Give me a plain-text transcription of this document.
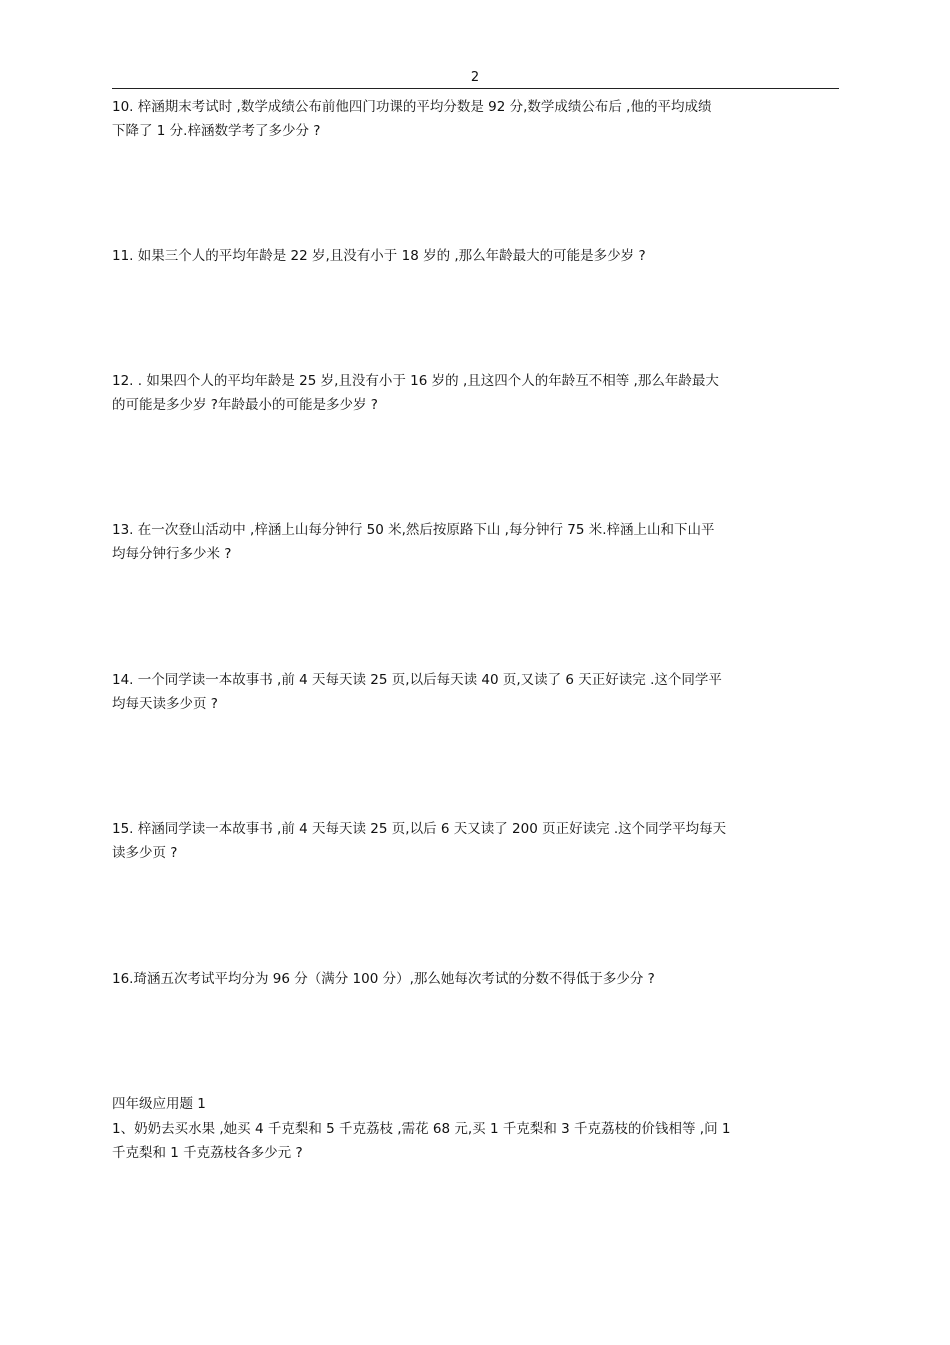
2
10. 梓涵期末考试时 ,数学成绩公布前他四门功课的平均分数是 92 分,数学成绩公布后 ,他的平均成绩
下降了 1 分.梓涵数学考了多少分 ?
11. 如果三个人的平均年龄是 22 岁,且没有小于 18 岁的 ,那么年龄最大的可能是多少岁 ?
12. . 如果四个人的平均年龄是 25 岁,且没有小于 16 岁的 ,且这四个人的年龄互不相等 ,那么年龄最大
的可能是多少岁 ?年龄最小的可能是多少岁 ?
13. 在一次登山活动中 ,梓涵上山每分钟行 50 米,然后按原路下山 ,每分钟行 75 米.梓涵上山和下山平
均每分钟行多少米 ?
14. 一个同学读一本故事书 ,前 4 天每天读 25 页,以后每天读 40 页,又读了 6 天正好读完 .这个同学平
均每天读多少页 ?
15. 梓涵同学读一本故事书 ,前 4 天每天读 25 页,以后 6 天又读了 200 页正好读完 .这个同学平均每天
读多少页 ?
16.琦涵五次考试平均分为 96 分（满分 100 分）,那么她每次考试的分数不得低于多少分 ?
四年级应用题 1
1、奶奶去买水果 ,她买 4 千克梨和 5 千克荔枝 ,需花 68 元,买 1 千克梨和 3 千克荔枝的价钱相等 ,问 1
千克梨和 1 千克荔枝各多少元 ?
